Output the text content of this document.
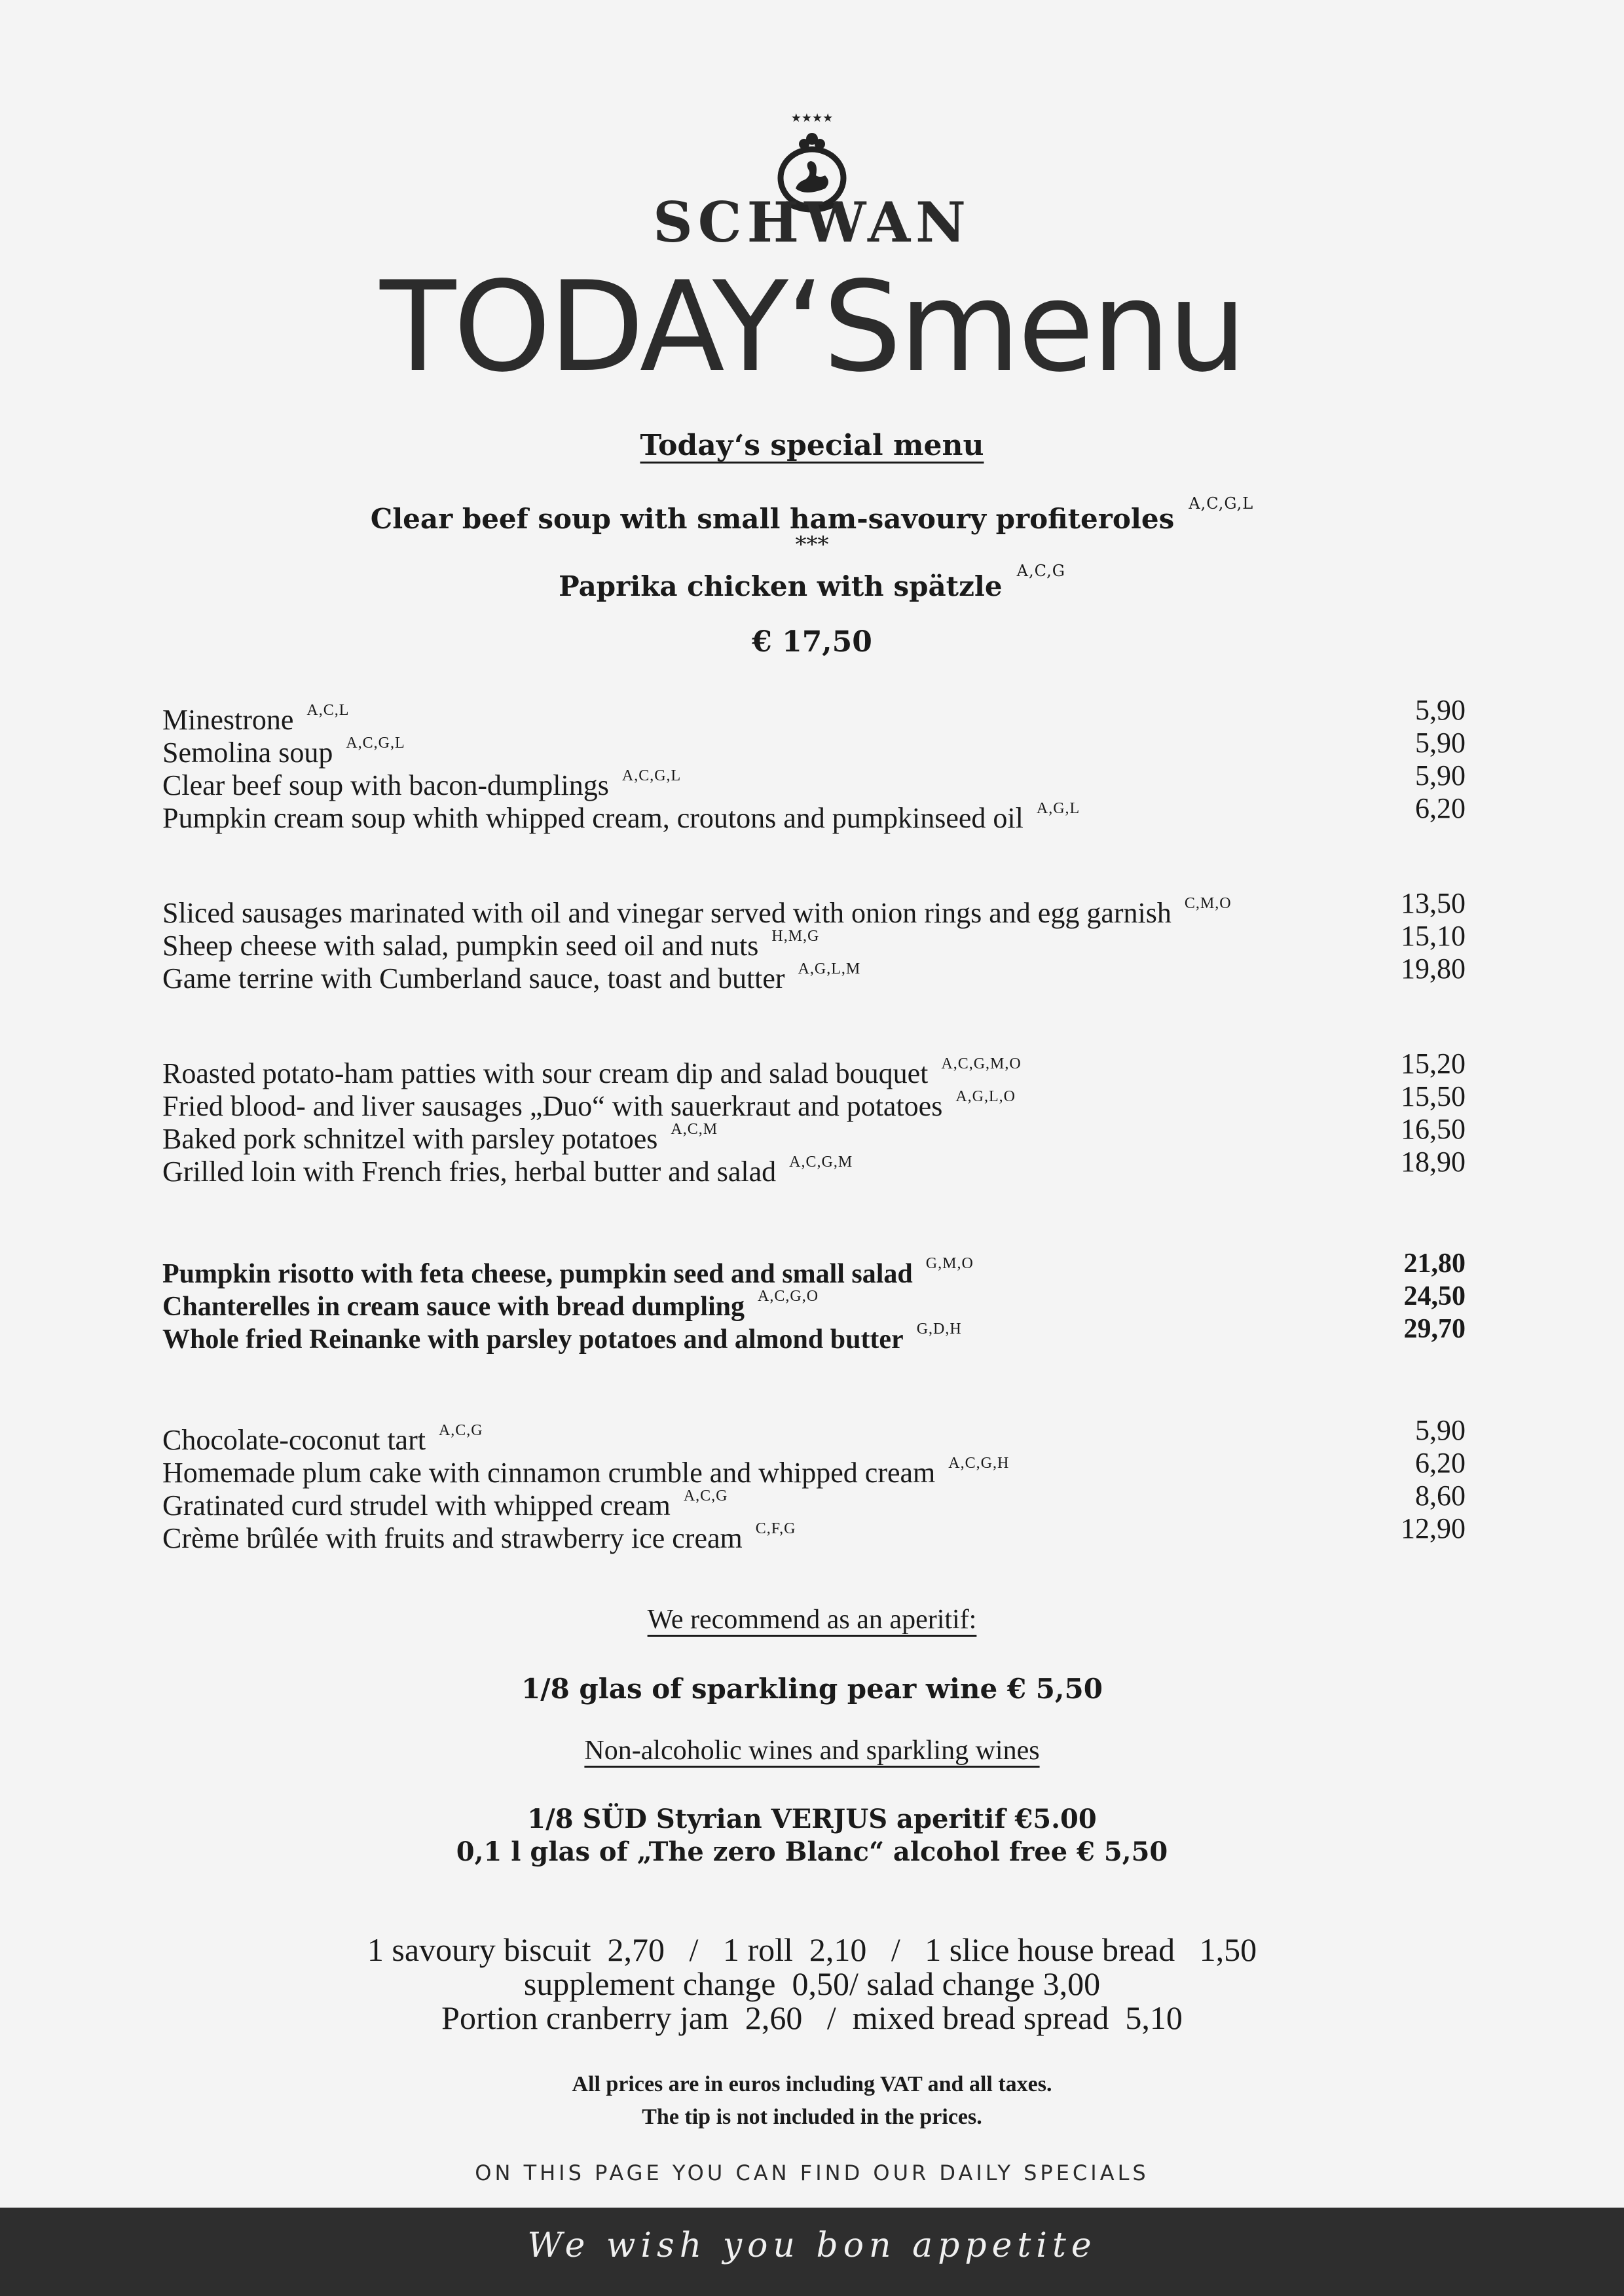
★★★★
SCHWAN
TODAY‘Smenu
Today‘s special menu
Clear beef soup with small ham-savoury profiteroles $^{A,C,G,L}$
***
Paprika chicken with spätzle $^{A,C,G}$
€ 17,50
Minestrone $^{A,C,L}$	5,90
Semolina soup $^{A,C,G,L}$	5,90
Clear beef soup with bacon-dumplings $^{A,C,G,L}$	5,90
Pumpkin cream soup whith whipped cream, croutons and pumpkinseed oil $^{A,G,L}$	6,20
Sliced sausages marinated with oil and vinegar served with onion rings and egg garnish $^{C,M,O}$	13,50
Sheep cheese with salad, pumpkin seed oil and nuts $^{H,M,G}$	15,10
Game terrine with Cumberland sauce, toast and butter $^{A,G,L,M}$	19,80
Roasted potato-ham patties with sour cream dip and salad bouquet $^{A,C,G,M,O}$	15,20
Fried blood- and liver sausages „Duo“ with sauerkraut and potatoes $^{A,G,L,O}$	15,50
Baked pork schnitzel with parsley potatoes $^{A,C,M}$	16,50
Grilled loin with French fries, herbal butter and salad $^{A,C,G,M}$	18,90
Pumpkin risotto with feta cheese, pumpkin seed and small salad $^{G,M,O}$	21,80
Chanterelles in cream sauce with bread dumpling $^{A,C,G,O}$	24,50
Whole fried Reinanke with parsley potatoes and almond butter $^{G,D,H}$	29,70
Chocolate-coconut tart $^{A,C,G}$	5,90
Homemade plum cake with cinnamon crumble and whipped cream $^{A,C,G,H}$	6,20
Gratinated curd strudel with whipped cream $^{A,C,G}$	8,60
Crème brûlée with fruits and strawberry ice cream $^{C,F,G}$	12,90
We recommend as an aperitif:
1/8 glas of sparkling pear wine € 5,50
Non-alcoholic wines and sparkling wines
1/8 SÜD Styrian VERJUS aperitif €5.00
0,1 l glas of „The zero Blanc“ alcohol free € 5,50
1 savoury biscuit  2,70   /   1 roll  2,10   /   1 slice house bread   1,50
supplement change  0,50/ salad change 3,00
Portion cranberry jam  2,60   /  mixed bread spread  5,10
All prices are in euros including VAT and all taxes.
The tip is not included in the prices.
ON THIS PAGE YOU CAN FIND OUR DAILY SPECIALS
We wish you bon appetite
